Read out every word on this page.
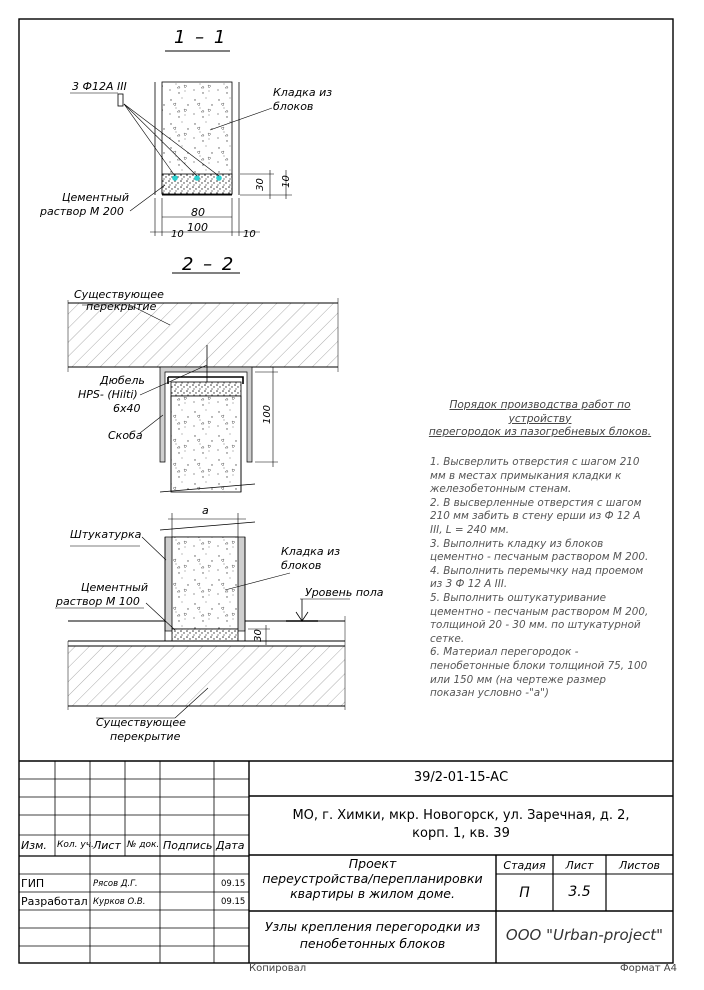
1 – 1
3 Ф12А III	Кладка из
блоков
Цементный
раствор М 200	80
100
10	10
30 10
2 – 2
Существующее
перекрытие
Дюбель
HPS- (Hilti)
6х40
Скоба
100
Штукатурка
а
Кладка из
блоков
Цементный
раствор М 100
Уровень пола
30
Существующее
перекрытие
Порядок производства работ по
устройству
перегородок из пазогребневых блоков.

1. Высверлить отверстия с шагом 210 мм в местах примыкания кладки к железобетонным стенам.

2. В высверленные отверстия с шагом 210 мм забить в стену ерши из Ф 12 А III, L = 240 мм.

3. Выполнить кладку из блоков цементно - песчаным раствором М 200.

4. Выполнить перемычку над проемом из 3 Ф 12 А III.

5. Выполнить оштукатуривание цементно - песчаным раствором М 200, толщиной 20 - 30 мм. по штукатурной сетке.

6. Материал перегородок - пенобетонные блоки толщиной 75, 100 или 150 мм (на чертеже размер показан условно -"а")

39/2-01-15-АС
МО, г. Химки, мкр. Новогорск, ул. Заречная, д. 2,
корп. 1, кв. 39
Изм. Кол. уч. Лист № док. Подпись Дата
Проект
переустройства/перепланировки
квартиры в жилом доме.
Стадия	Лист	Листов
П	3.5
ГИП	Рясов Д.Г.	09.15
Разработал Курков О.В.	09.15
Узлы крепления перегородки из
пенобетонных блоков	ООО "Urban-project"
Копировал	Формат А4
